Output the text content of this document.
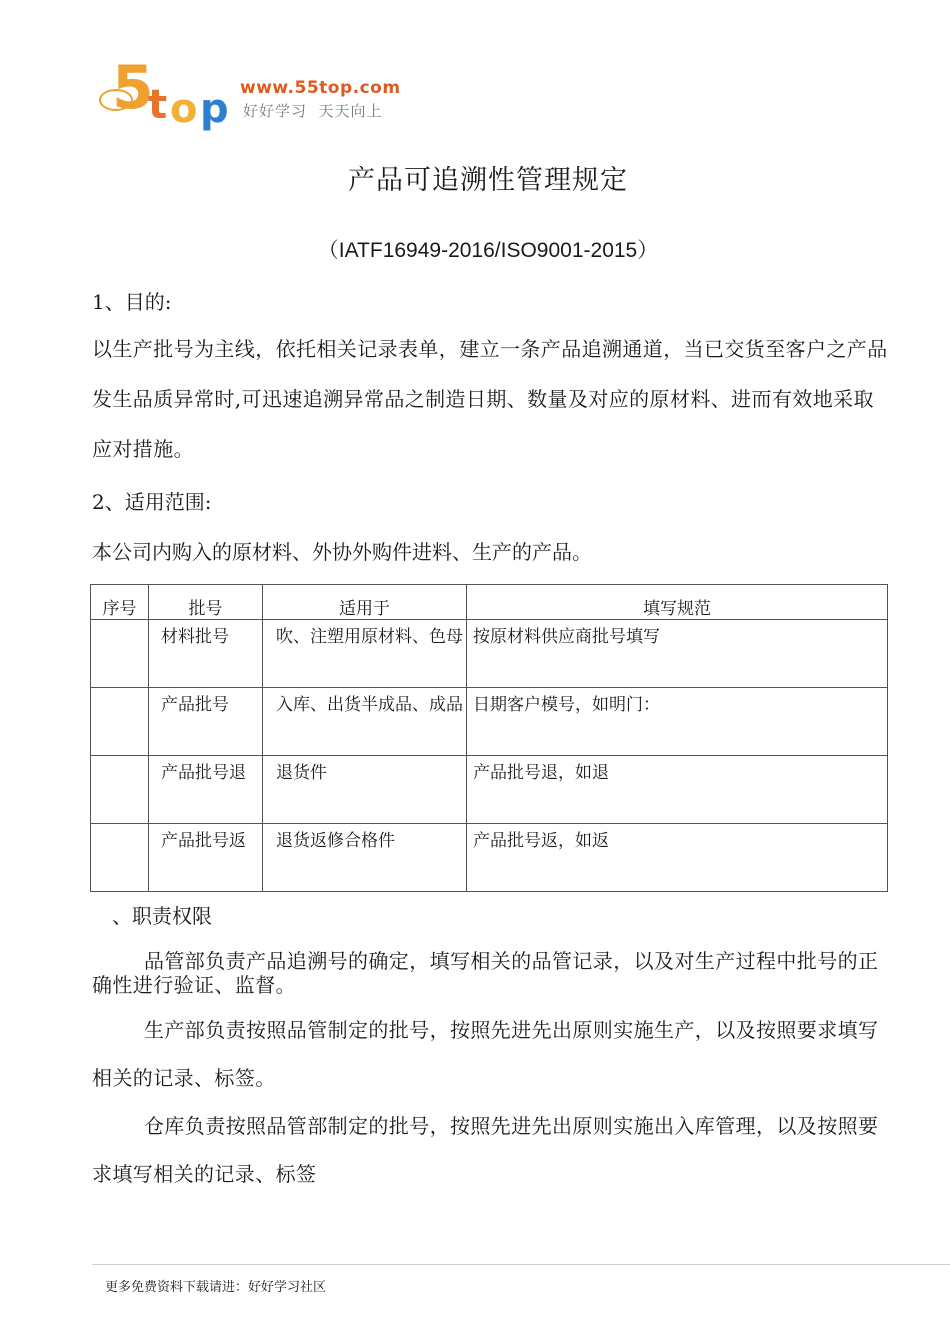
5
t o p www.55top.com
好好学习  天天向上
产品可追溯性管理规定
（IATF16949-2016/ISO9001-2015）
1、目的:
以生产批号为主线，依托相关记录表单，建立一条产品追溯通道，当已交货至客户之产品发生品质异常时,可迅速追溯异常品之制造日期、数量及对应的原材料、进而有效地采取应对措施。
2、适用范围:
本公司内购入的原材料、外协外购件进料、生产的产品。
序号	批号	适用于	填写规范
	材料批号	吹、注塑用原材料、色母	按原材料供应商批号填写
	产品批号	入库、出货半成品、成品	日期客户模号，如明门：
	产品批号退	退货件	产品批号退，如退
	产品批号返	退货返修合格件	产品批号返，如返
、职责权限
品管部负责产品追溯号的确定，填写相关的品管记录，以及对生产过程中批号的正确性进行验证、监督。
生产部负责按照品管制定的批号，按照先进先出原则实施生产，以及按照要求填写相关的记录、标签。
仓库负责按照品管部制定的批号，按照先进先出原则实施出入库管理，以及按照要求填写相关的记录、标签
更多免费资料下载请进：好好学习社区
